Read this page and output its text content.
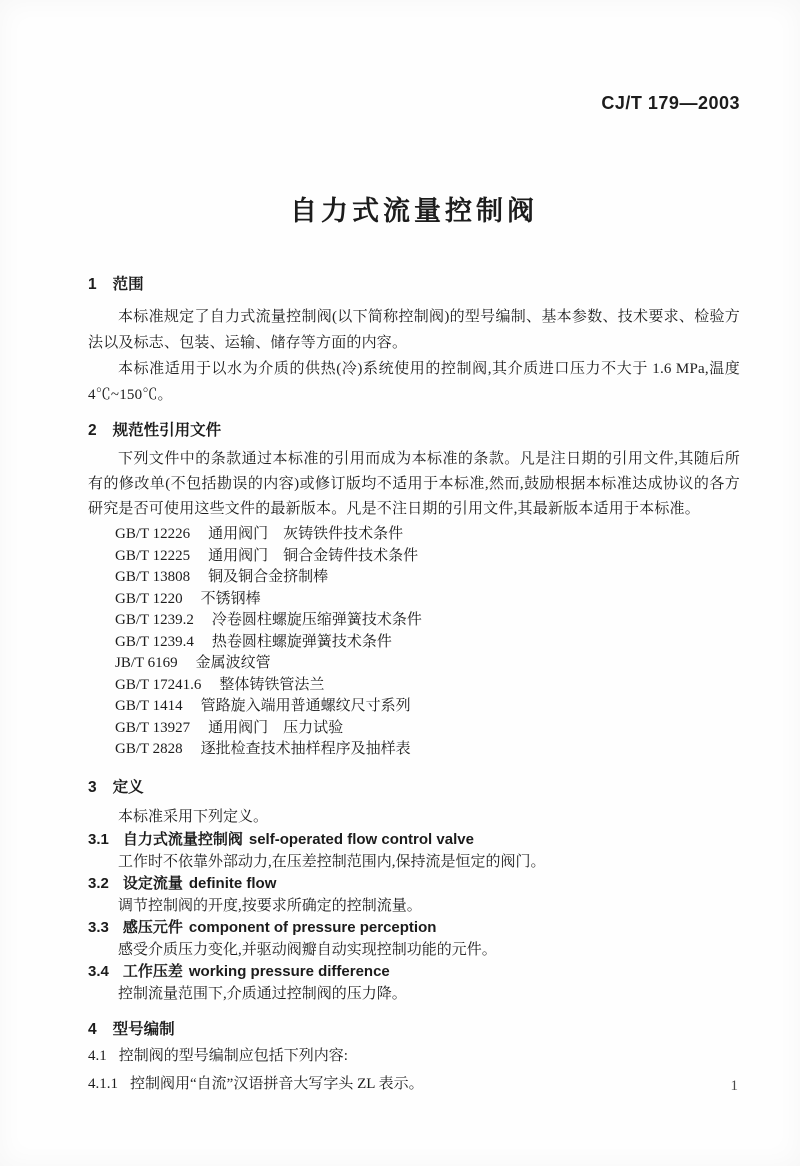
CJ/T 179—2003
自力式流量控制阀
1 范围

本标准规定了自力式流量控制阀(以下简称控制阀)的型号编制、基本参数、技术要求、检验方法以及标志、包装、运输、储存等方面的内容。

本标准适用于以水为介质的供热(冷)系统使用的控制阀,其介质进口压力不大于 1.6 MPa,温度4℃~150℃。

2 规范性引用文件

下列文件中的条款通过本标准的引用而成为本标准的条款。凡是注日期的引用文件,其随后所有的修改单(不包括勘误的内容)或修订版均不适用于本标准,然而,鼓励根据本标准达成协议的各方研究是否可使用这些文件的最新版本。凡是不注日期的引用文件,其最新版本适用于本标准。

GB/T 12226 通用阀门　灰铸铁件技术条件
GB/T 12225 通用阀门　铜合金铸件技术条件
GB/T 13808 铜及铜合金挤制棒
GB/T 1220 不锈钢棒
GB/T 1239.2 冷卷圆柱螺旋压缩弹簧技术条件
GB/T 1239.4 热卷圆柱螺旋弹簧技术条件
JB/T 6169 金属波纹管
GB/T 17241.6 整体铸铁管法兰
GB/T 1414 管路旋入端用普通螺纹尺寸系列
GB/T 13927 通用阀门　压力试验
GB/T 2828 逐批检查技术抽样程序及抽样表
3 定义
本标准采用下列定义。
3.1 自力式流量控制阀 self-operated flow control valve
工作时不依靠外部动力,在压差控制范围内,保持流是恒定的阀门。
3.2 设定流量 definite flow
调节控制阀的开度,按要求所确定的控制流量。
3.3 感压元件 component of pressure perception
感受介质压力变化,并驱动阀瓣自动实现控制功能的元件。
3.4 工作压差 working pressure difference
控制流量范围下,介质通过控制阀的压力降。
4 型号编制
4.1 控制阀的型号编制应包括下列内容:
4.1.1 控制阀用“自流”汉语拼音大写字头 ZL 表示。	1
